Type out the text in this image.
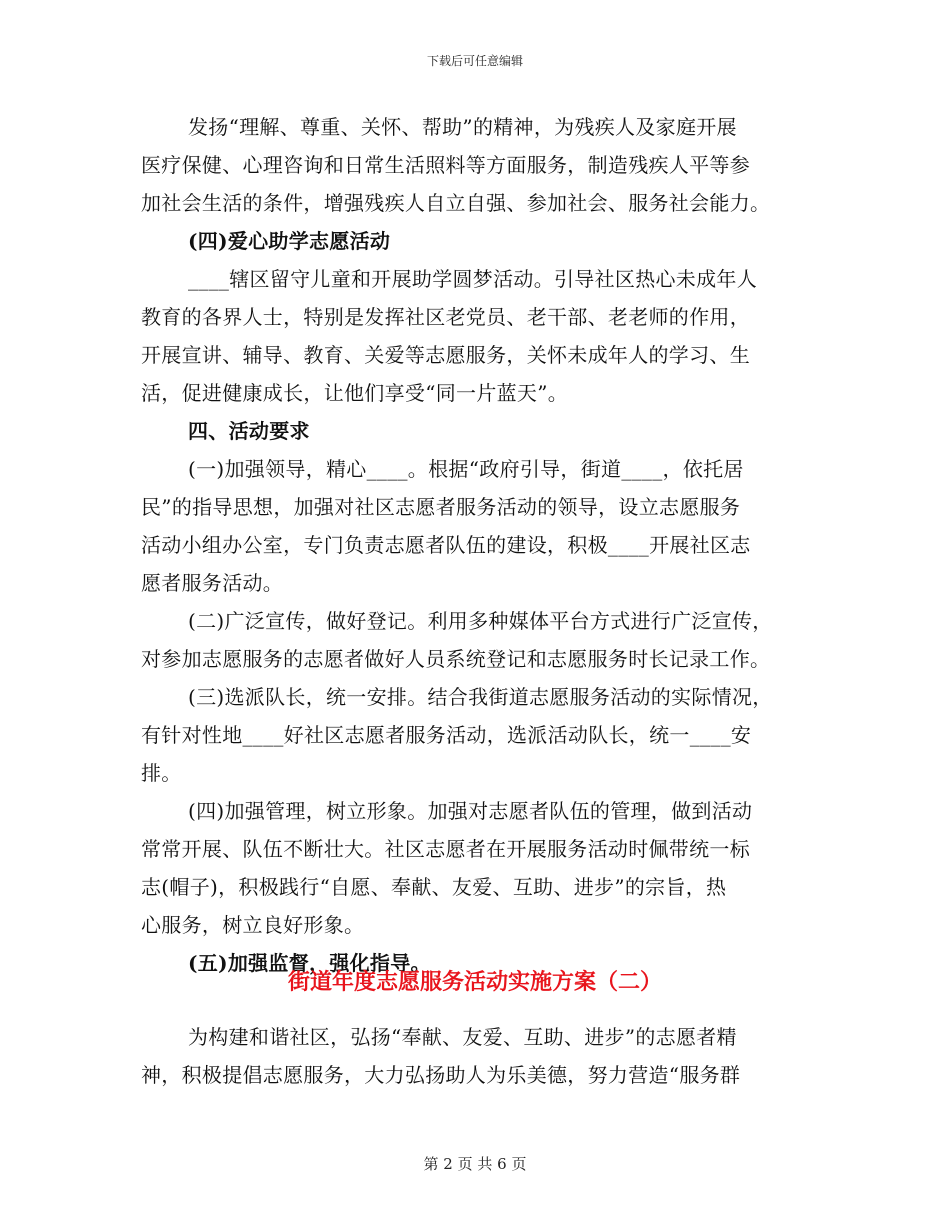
下载后可任意编辑
发扬“理解、尊重、关怀、帮助”的精神，为残疾人及家庭开展
医疗保健、心理咨询和日常生活照料等方面服务，制造残疾人平等参
加社会生活的条件，增强残疾人自立自强、参加社会、服务社会能力。
(四)爱心助学志愿活动
____辖区留守儿童和开展助学圆梦活动。引导社区热心未成年人
教育的各界人士，特别是发挥社区老党员、老干部、老老师的作用，
开展宣讲、辅导、教育、关爱等志愿服务，关怀未成年人的学习、生
活，促进健康成长，让他们享受“同一片蓝天”。
四、活动要求
(一)加强领导，精心____。根据“政府引导，街道____，依托居
民”的指导思想，加强对社区志愿者服务活动的领导，设立志愿服务
活动小组办公室，专门负责志愿者队伍的建设，积极____开展社区志
愿者服务活动。
(二)广泛宣传，做好登记。利用多种媒体平台方式进行广泛宣传，
对参加志愿服务的志愿者做好人员系统登记和志愿服务时长记录工作。
(三)选派队长，统一安排。结合我街道志愿服务活动的实际情况，
有针对性地____好社区志愿者服务活动，选派活动队长，统一____安
排。
(四)加强管理，树立形象。加强对志愿者队伍的管理，做到活动
常常开展、队伍不断壮大。社区志愿者在开展服务活动时佩带统一标
志(帽子)，积极践行“自愿、奉献、友爱、互助、进步”的宗旨，热
心服务，树立良好形象。
(五)加强监督，强化指导。
街道年度志愿服务活动实施方案（二）
为构建和谐社区，弘扬“奉献、友爱、互助、进步”的志愿者精
神，积极提倡志愿服务，大力弘扬助人为乐美德，努力营造“服务群
第 2 页 共 6 页
